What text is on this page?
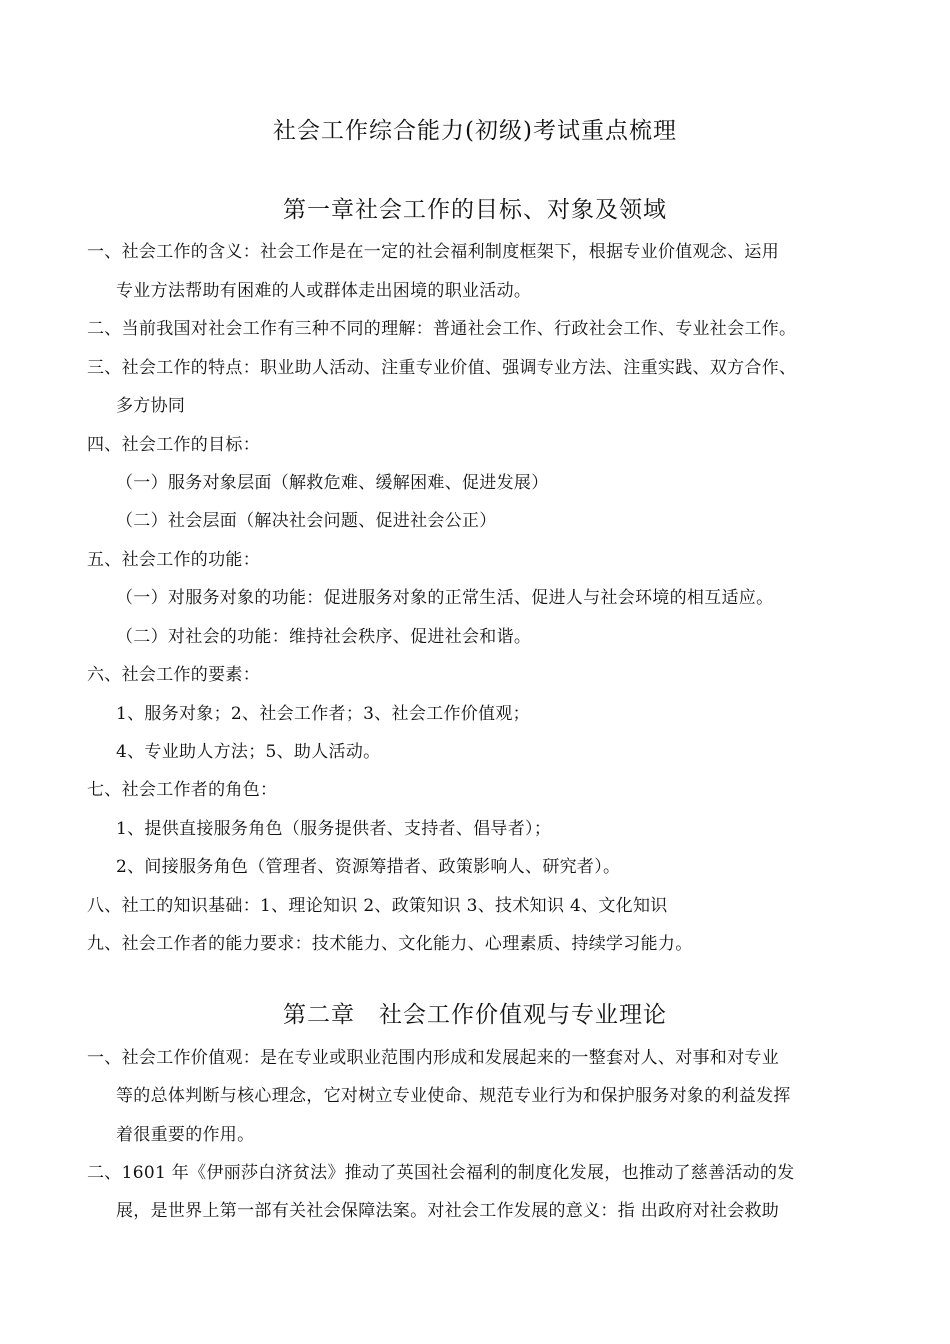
社会工作综合能力(初级)考试重点梳理
第一章社会工作的目标、对象及领域
一、社会工作的含义：社会工作是在一定的社会福利制度框架下，根据专业价值观念、运用
专业方法帮助有困难的人或群体走出困境的职业活动。
二、当前我国对社会工作有三种不同的理解：普通社会工作、行政社会工作、专业社会工作。
三、社会工作的特点：职业助人活动、注重专业价值、强调专业方法、注重实践、双方合作、
多方协同
四、社会工作的目标：
（一）服务对象层面（解救危难、缓解困难、促进发展）
（二）社会层面（解决社会问题、促进社会公正）
五、社会工作的功能：
（一）对服务对象的功能：促进服务对象的正常生活、促进人与社会环境的相互适应。
（二）对社会的功能：维持社会秩序、促进社会和谐。
六、社会工作的要素：
1、服务对象；2、社会工作者；3、社会工作价值观；
4、专业助人方法；5、助人活动。
七、社会工作者的角色：
1、提供直接服务角色（服务提供者、支持者、倡导者）；
2、间接服务角色（管理者、资源筹措者、政策影响人、研究者）。
八、社工的知识基础：1、理论知识 2、政策知识 3、技术知识 4、文化知识
九、社会工作者的能力要求：技术能力、文化能力、心理素质、持续学习能力。
第二章　社会工作价值观与专业理论
一、社会工作价值观：是在专业或职业范围内形成和发展起来的一整套对人、对事和对专业
等的总体判断与核心理念，它对树立专业使命、规范专业行为和保护服务对象的利益发挥
着很重要的作用。
二、1601 年《伊丽莎白济贫法》推动了英国社会福利的制度化发展，也推动了慈善活动的发
展，是世界上第一部有关社会保障法案。对社会工作发展的意义：指 出政府对社会救助
